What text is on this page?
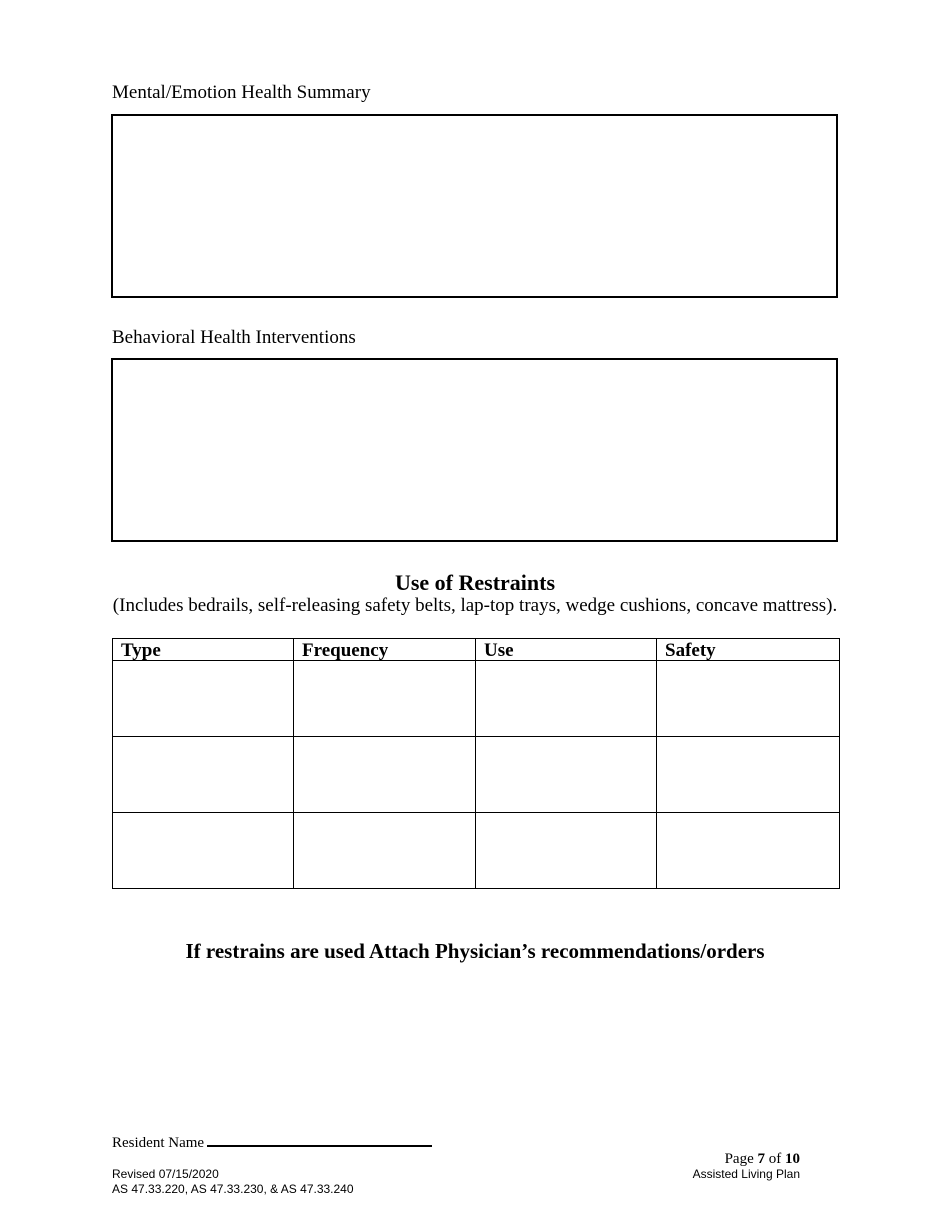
Mental/Emotion Health Summary
Behavioral Health Interventions
Use of Restraints
(Includes bedrails, self-releasing safety belts, lap-top trays, wedge cushions, concave mattress).
Type	Frequency	Use	Safety

If restrains are used Attach Physician’s recommendations/orders
Resident Name
Page 7 of 10
Assisted Living Plan
Revised 07/15/2020
AS 47.33.220, AS 47.33.230, & AS 47.33.240
